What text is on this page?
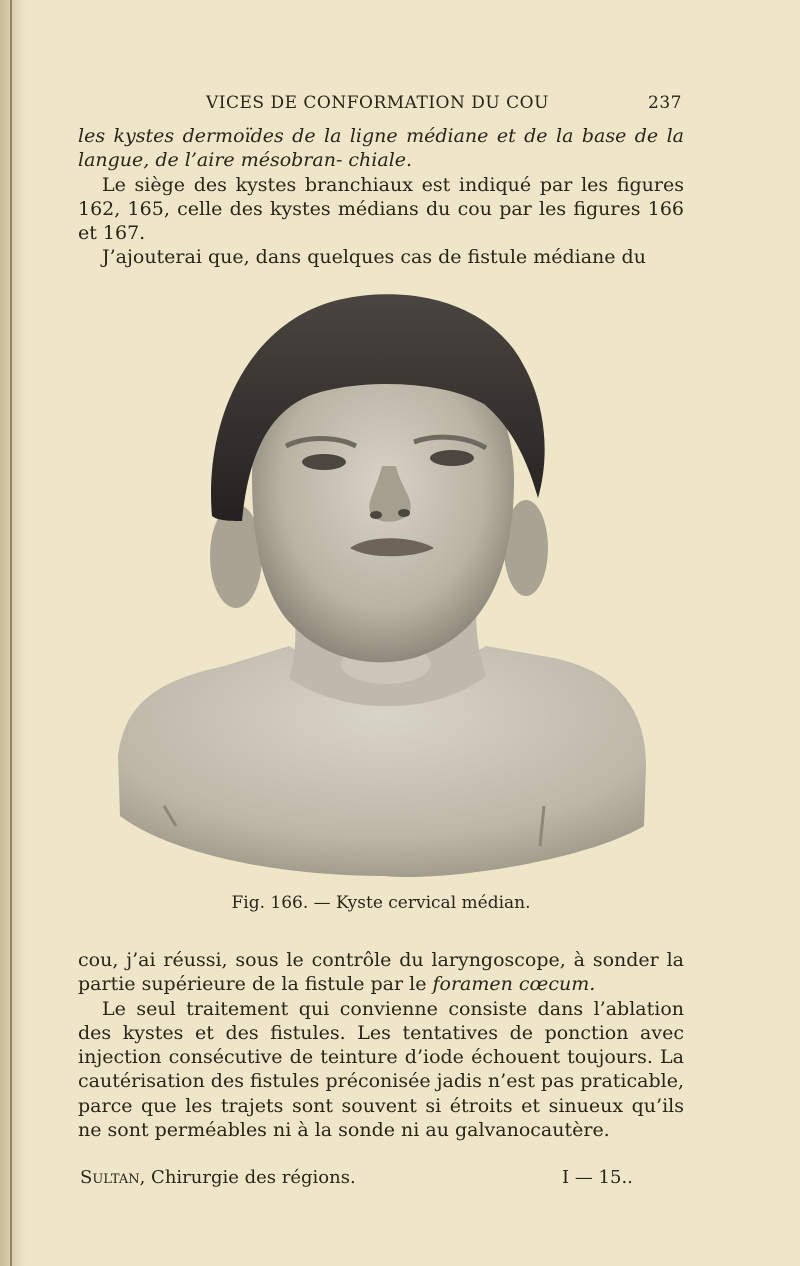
VICES DE CONFORMATION DU COU	237

les kystes dermoïdes de la ligne médiane et de la base de la langue, de l’aire mésobran- chiale.

Le siège des kystes branchiaux est indiqué par les figures 162, 165, celle des kystes médians du cou par les figures 166 et 167.

J’ajouterai que, dans quelques cas de fistule médiane du

Fig. 166. — Kyste cervical médian.

cou, j’ai réussi, sous le contrôle du laryngoscope, à sonder la partie supérieure de la fistule par le foramen cœcum.

Le seul traitement qui convienne consiste dans l’ablation des kystes et des fistules. Les tentatives de ponction avec injection consécutive de teinture d’iode échouent toujours. La cautérisation des fistules préconisée jadis n’est pas praticable, parce que les trajets sont souvent si étroits et sinueux qu’ils ne sont perméables ni à la sonde ni au galvanocautère.

Sultan, Chirurgie des régions.	I — 15..
